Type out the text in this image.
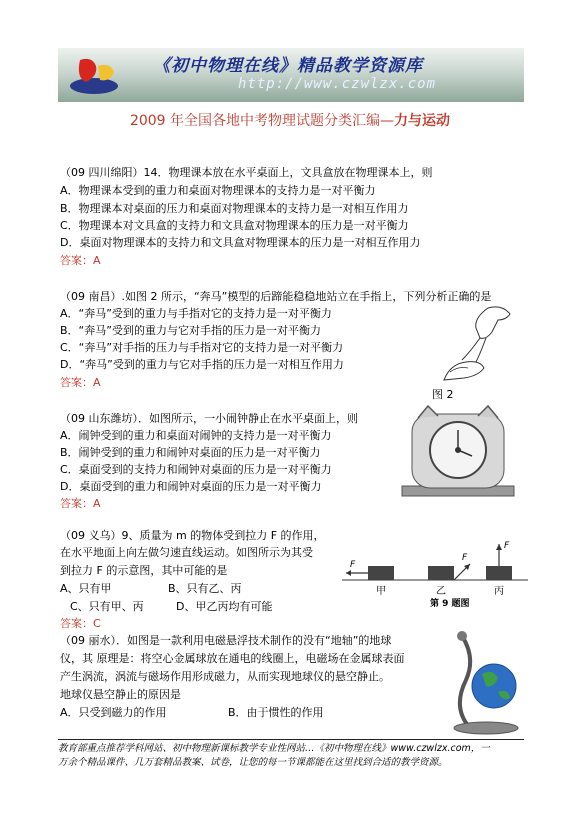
《初中物理在线》精品教学资源库
http://www.czwlzx.com
2009 年全国各地中考物理试题分类汇编—力与运动
（09 四川绵阳）14．物理课本放在水平桌面上，文具盒放在物理课本上，则
A．物理课本受到的重力和桌面对物理课本的支持力是一对平衡力
B．物理课本对桌面的压力和桌面对物理课本的支持力是一对相互作用力
C．物理课本对文具盒的支持力和文具盒对物理课本的压力是一对平衡力
D．桌面对物理课本的支持力和文具盒对物理课本的压力是一对相互作用力
答案：A
（09 南昌）.如图 2 所示，“奔马”模型的后蹄能稳稳地站立在手指上，下列分析正确的是
A．“奔马”受到的重力与手指对它的支持力是一对平衡力
B．“奔马”受到的重力与它对手指的压力是一对平衡力
C．“奔马”对手指的压力与手指对它的支持力是一对平衡力
D．“奔马”受到的重力与它对手指的压力是一对相互作用力
答案：A
图 2
（09 山东潍坊）．如图所示，一小闹钟静止在水平桌面上，则
A．闹钟受到的重力和桌面对闹钟的支持力是一对平衡力
B．闹钟受到的重力和闹钟对桌面的压力是一对平衡力
C．桌面受到的支持力和闹钟对桌面的压力是一对平衡力
D．桌面受到的重力和闹钟对桌面的压力是一对平衡力
答案：A
（09 义乌）9、质量为 m 的物体受到拉力 F 的作用，
在水平地面上向左做匀速直线运动。如图所示为其受
到拉力 F 的示意图，其中可能的是
A、只有甲	B、只有乙、丙
C、只有甲、丙	D、甲乙丙均有可能
答案：C
F
甲
F
乙
F
丙
第 9 题图
（09 丽水）．如图是一款利用电磁悬浮技术制作的没有“地轴”的地球
仪，其 原理是：将空心金属球放在通电的线圈上，电磁场在金属球表面
产生涡流，涡流与磁场作用形成磁力，从而实现地球仪的悬空静止。
地球仪悬空静止的原因是
A．只受到磁力的作用	B．由于惯性的作用
教育部重点推荐学科网站、初中物理新课标教学专业性网站…《初中物理在线》www.czwlzx.com，一
万余个精品课件、几万套精品教案、试卷，让您的每一节课都能在这里找到合适的教学资源。
